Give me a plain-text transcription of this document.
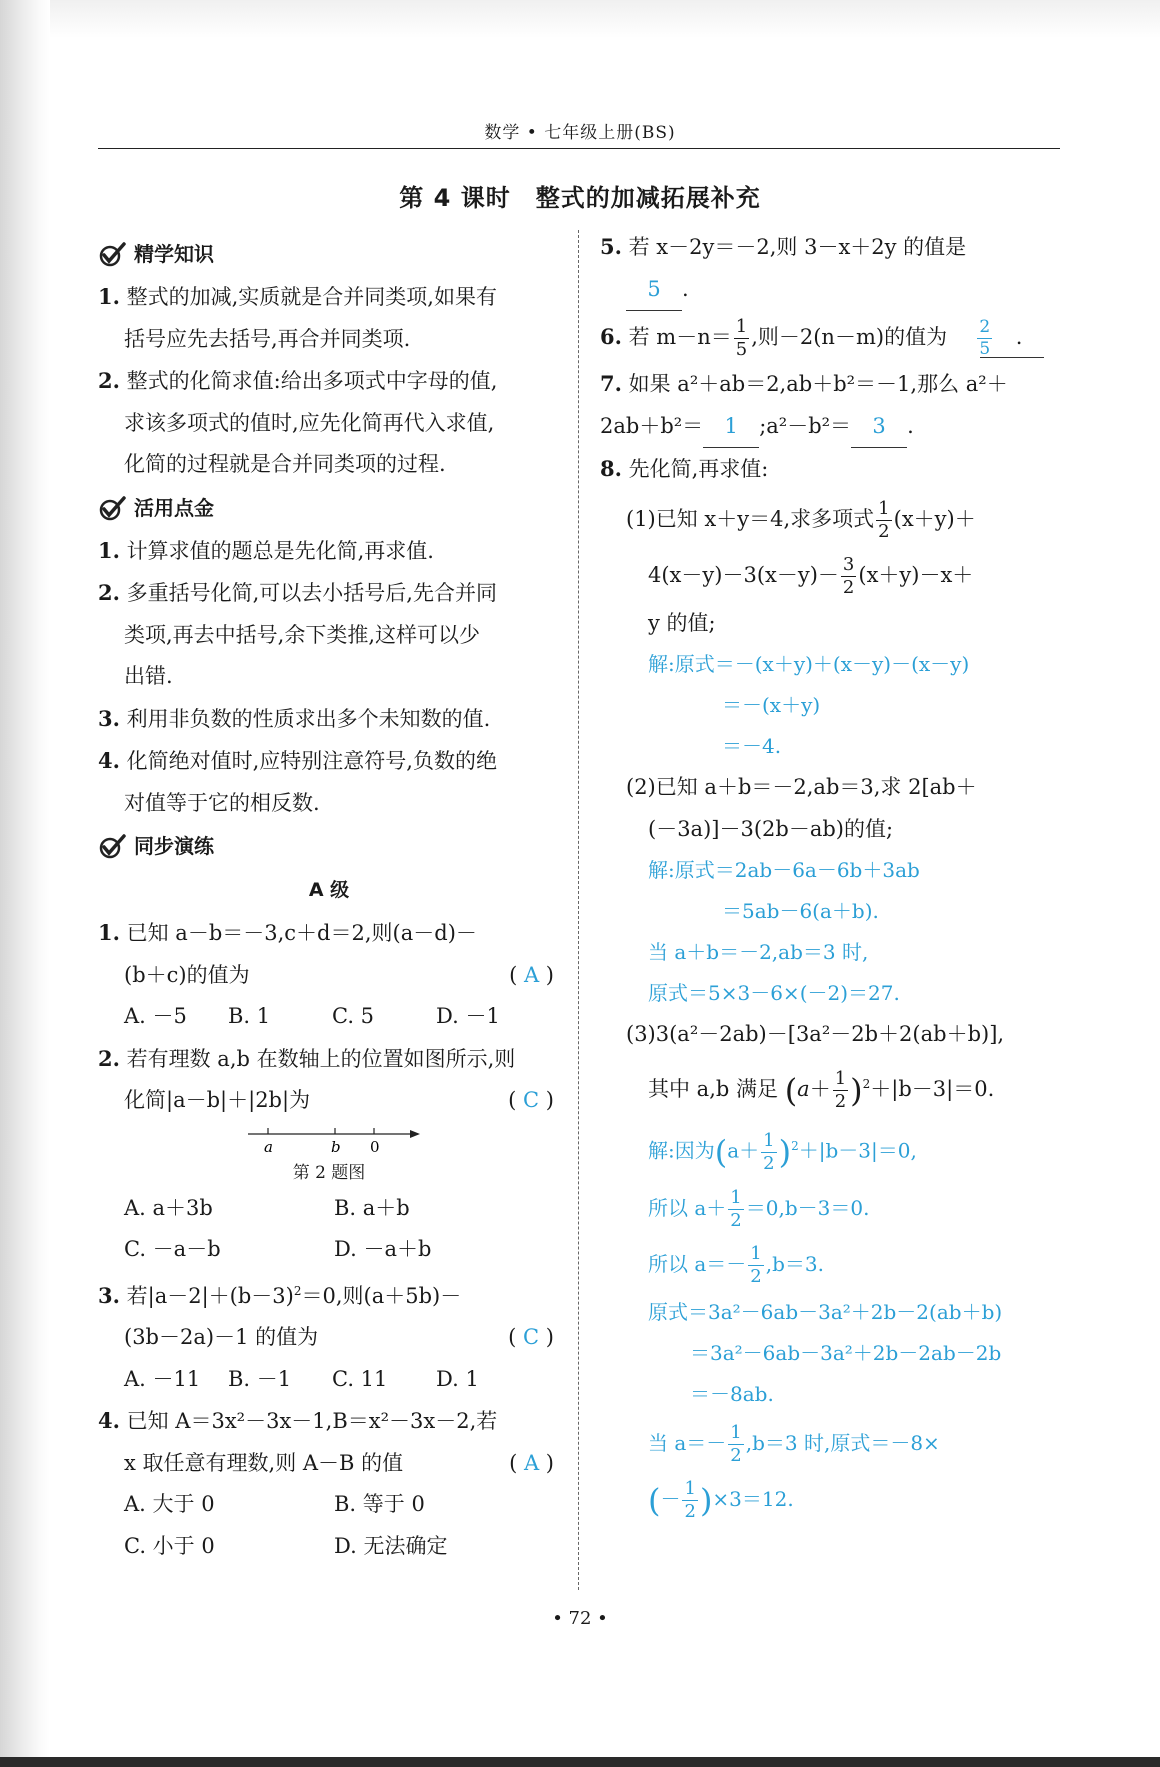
数学 • 七年级上册(BS)
第 4 课时　整式的加减拓展补充
精学知识
1. 整式的加减,实质就是合并同类项,如果有
括号应先去括号,再合并同类项.
2. 整式的化简求值:给出多项式中字母的值,
求该多项式的值时,应先化简再代入求值,
化简的过程就是合并同类项的过程.
活用点金
1. 计算求值的题总是先化简,再求值.
2. 多重括号化简,可以去小括号后,先合并同
类项,再去中括号,余下类推,这样可以少
出错.
3. 利用非负数的性质求出多个未知数的值.
4. 化简绝对值时,应特别注意符号,负数的绝
对值等于它的相反数.
同步演练
A 级
1. 已知 a－b＝－3,c＋d＝2,则(a－d)－
(b＋c)的值为	( A )
A. －5	B. 1	C. 5	D. －1
2. 若有理数 a,b 在数轴上的位置如图所示,则
化简|a－b|＋|2b|为	( C )
a	b 0
第 2 题图
A. a＋3b	B. a＋b
C. －a－b	D. －a＋b
3. 若$|a-2|+(b-3)^2=0$,则(a＋5b)－
(3b－2a)－1 的值为	( C )
A. －11	B. －1	C. 11	D. 1
4. 已知 A＝3x²－3x－1,B＝x²－3x－2,若
x 取任意有理数,则 A－B 的值	( A )
A. 大于 0	B. 等于 0
C. 小于 0	D. 无法确定
5. 若 x－2y＝－2,则 3－x＋2y 的值是
5 .
6. 若 $m-n= \frac{1}{5}$ ,则－2(n－m)的值为 $\frac{2}{5}$ .
7. 如果 a²＋ab＝2,ab＋b²＝－1,那么 a²＋
2ab＋b²＝ 1 ;a²－b²＝ 3 .
8. 先化简,再求值:
(1)已知 x＋y＝4,求多项式 $\frac{1}{2} (x+y)+$
$4(x-y)-3(x-y)- \frac{3}{2} (x+y)-x+$
y 的值;
解:原式＝－(x＋y)＋(x－y)－(x－y)
＝－(x＋y)
＝－4.
(2)已知 a＋b＝－2,ab＝3,求 2[ab＋
(－3a)]－3(2b－ab)的值;
解:原式＝2ab－6a－6b＋3ab
＝5ab－6(a＋b).
当 a＋b＝－2,ab＝3 时,
原式＝5×3－6×(－2)＝27.
(3)3(a²－2ab)－[3a²－2b＋2(ab＋b)],
其中 a,b 满足 $(a+ \frac{1}{2} )^2+|b-3|=0$.
解:因为$(a+ \frac{1}{2} )^2+|b-3|=0$,
所以 $a+ \frac{1}{2} =0,b-3=0$.
所以 $a=- \frac{1}{2} ,b=3$.
原式＝3a²－6ab－3a²＋2b－2(ab＋b)
＝3a²－6ab－3a²＋2b－2ab－2b
＝－8ab.
当 $a=- \frac{1}{2} ,b=3$ 时,原式＝－8×
(－ $\frac{1}{2} )\times 3=12$.
• 72 •
